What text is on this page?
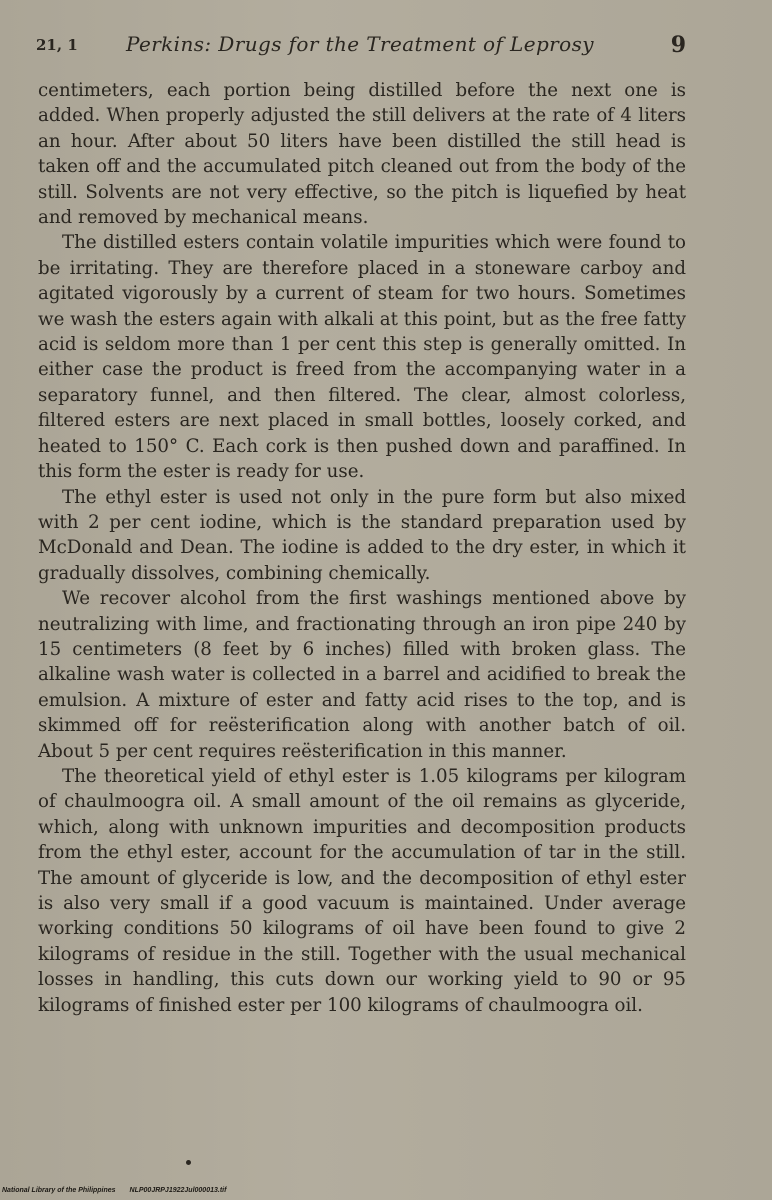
21, 1 Perkins: Drugs for the Treatment of Leprosy	9

centimeters, each portion being distilled before the next one is added. When properly adjusted the still delivers at the rate of 4 liters an hour. After about 50 liters have been distilled the still head is taken off and the accumulated pitch cleaned out from the body of the still. Solvents are not very effective, so the pitch is liquefied by heat and removed by mechanical means.

The distilled esters contain volatile impurities which were found to be irritating. They are therefore placed in a stoneware carboy and agitated vigorously by a current of steam for two hours. Sometimes we wash the esters again with alkali at this point, but as the free fatty acid is seldom more than 1 per cent this step is generally omitted. In either case the product is freed from the accompanying water in a separatory funnel, and then filtered. The clear, almost colorless, filtered esters are next placed in small bottles, loosely corked, and heated to 150° C. Each cork is then pushed down and paraffined. In this form the ester is ready for use.

The ethyl ester is used not only in the pure form but also mixed with 2 per cent iodine, which is the standard preparation used by McDonald and Dean. The iodine is added to the dry ester, in which it gradually dissolves, combining chemically.

We recover alcohol from the first washings mentioned above by neutralizing with lime, and fractionating through an iron pipe 240 by 15 centimeters (8 feet by 6 inches) filled with broken glass. The alkaline wash water is collected in a barrel and acidified to break the emulsion. A mixture of ester and fatty acid rises to the top, and is skimmed off for reësterification along with another batch of oil. About 5 per cent requires reësterification in this manner.

The theoretical yield of ethyl ester is 1.05 kilograms per kilogram of chaulmoogra oil. A small amount of the oil remains as glyceride, which, along with unknown impurities and decomposition products from the ethyl ester, account for the accumulation of tar in the still. The amount of glyceride is low, and the decomposition of ethyl ester is also very small if a good vacuum is maintained. Under average working conditions 50 kilograms of oil have been found to give 2 kilograms of residue in the still. Together with the usual mechanical losses in handling, this cuts down our working yield to 90 or 95 kilograms of finished ester per 100 kilograms of chaulmoogra oil.

National Library of the Philippines NLP00JRPJ1922Jul000013.tif
